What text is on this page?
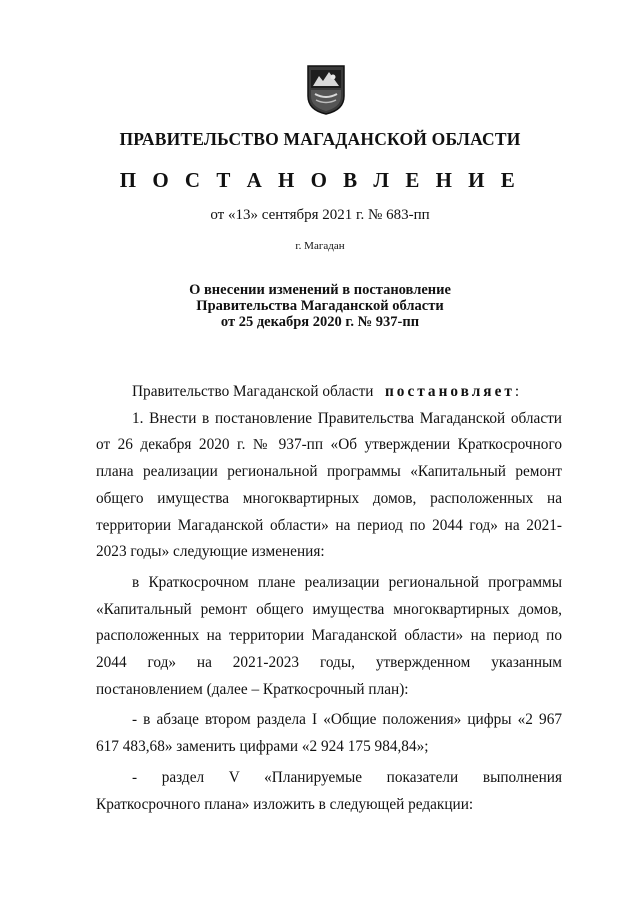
ПРАВИТЕЛЬСТВО МАГАДАНСКОЙ ОБЛАСТИ
П О С Т А Н О В Л Е Н И Е
от «13» сентября 2021 г. № 683-пп
г. Магадан
О внесении изменений в постановление
Правительства Магаданской области
от 25 декабря 2020 г. № 937-пп

Правительство Магаданской области постановляет:

1. Внести в постановление Правительства Магаданской области от 26 декабря 2020 г. № 937-пп «Об утверждении Краткосрочного плана реализации региональной программы «Капитальный ремонт общего имущества многоквартирных домов, расположенных на территории Магаданской области» на период по 2044 год» на 2021-2023 годы» следующие изменения:

в Краткосрочном плане реализации региональной программы «Капитальный ремонт общего имущества многоквартирных домов, расположенных на территории Магаданской области» на период по 2044 год» на 2021-2023 годы, утвержденном указанным постановлением (далее – Краткосрочный план):

- в абзаце втором раздела I «Общие положения» цифры «2 967 617 483,68» заменить цифрами «2 924 175 984,84»;

- раздел V «Планируемые показатели выполнения Краткосрочного плана» изложить в следующей редакции:
